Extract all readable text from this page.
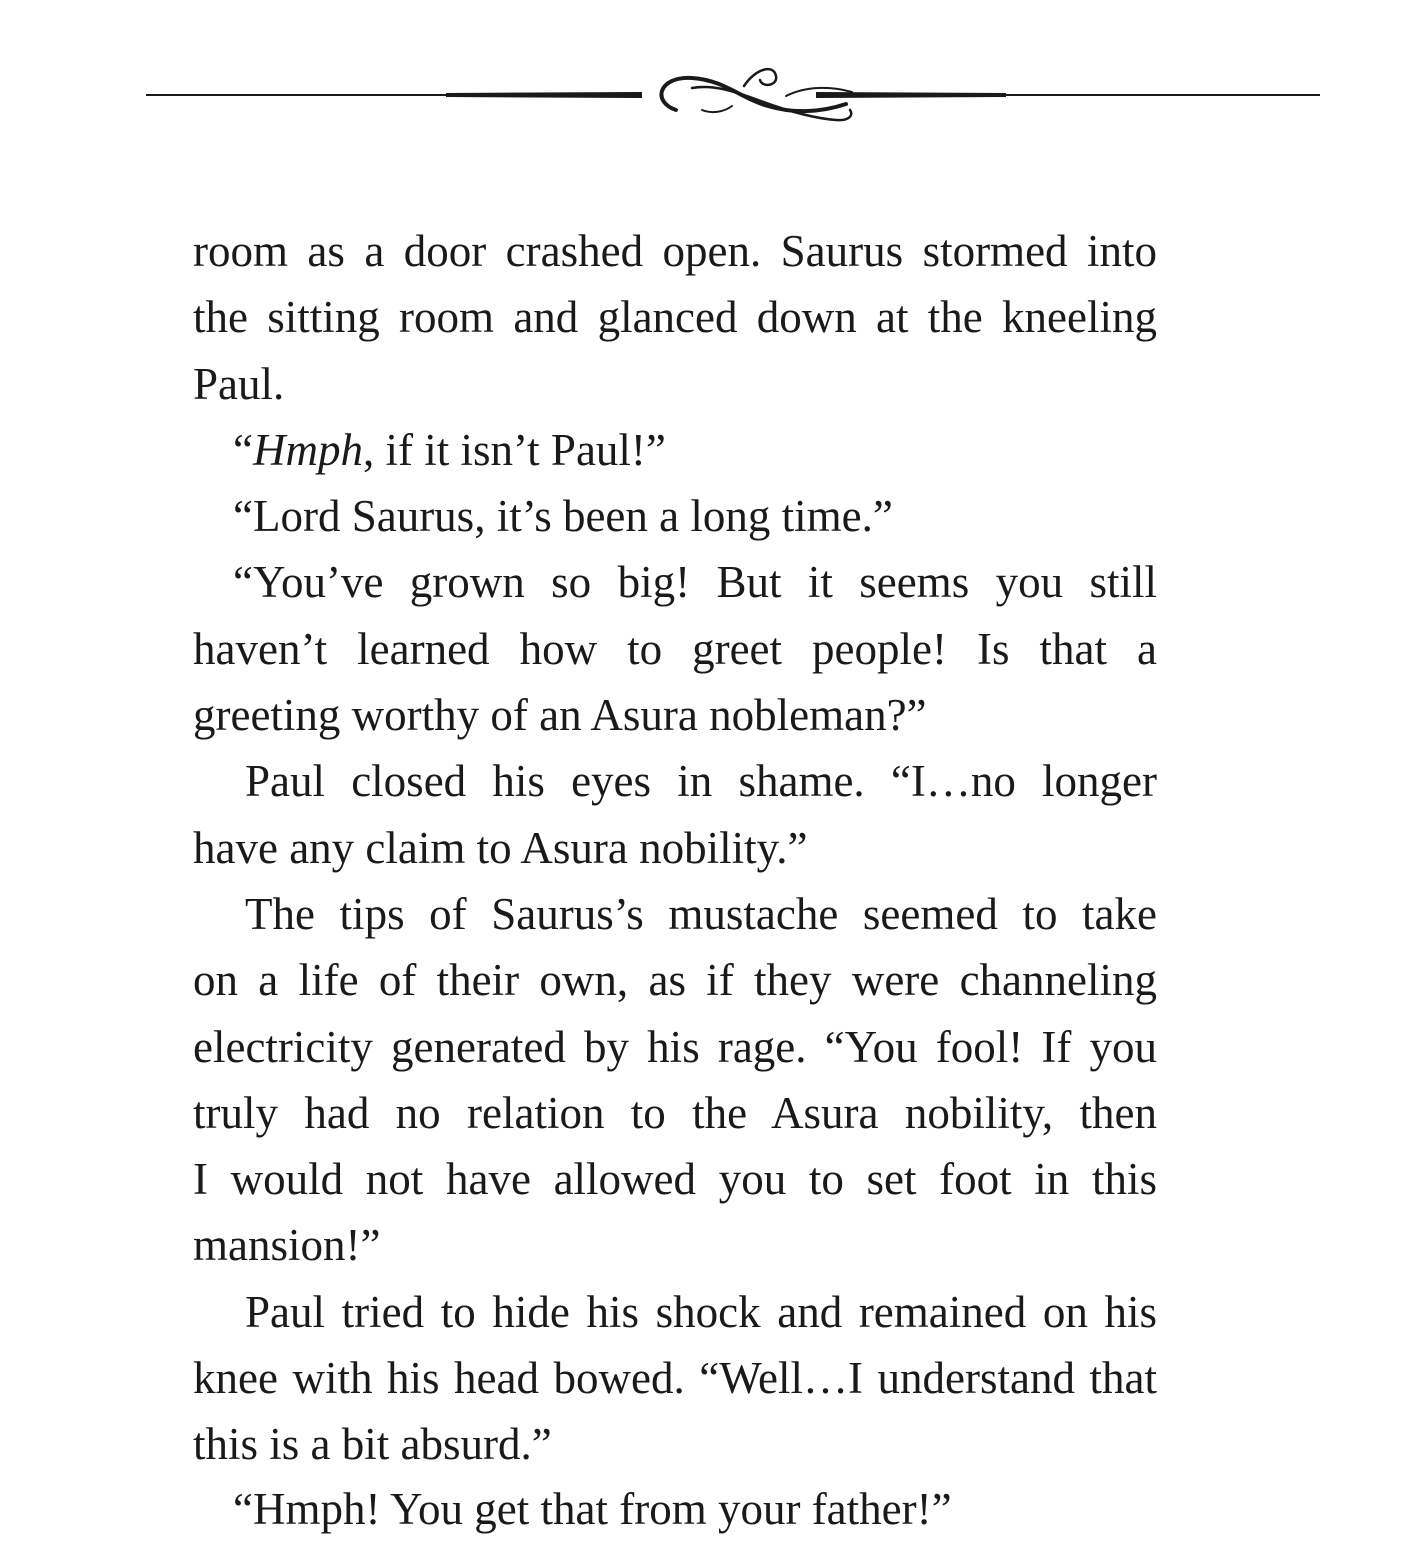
room as a door crashed open. Saurus stormed into
the sitting room and glanced down at the kneeling
Paul.

“Hmph, if it isn’t Paul!”

“Lord Saurus, it’s been a long time.”

“You’ve grown so big! But it seems you still
haven’t learned how to greet people! Is that a
greeting worthy of an Asura nobleman?”

Paul closed his eyes in shame. “I…no longer
have any claim to Asura nobility.”

The tips of Saurus’s mustache seemed to take
on a life of their own, as if they were channeling
electricity generated by his rage. “You fool! If you
truly had no relation to the Asura nobility, then
I would not have allowed you to set foot in this
mansion!”

Paul tried to hide his shock and remained on his
knee with his head bowed. “Well…I understand that
this is a bit absurd.”

“Hmph! You get that from your father!”
